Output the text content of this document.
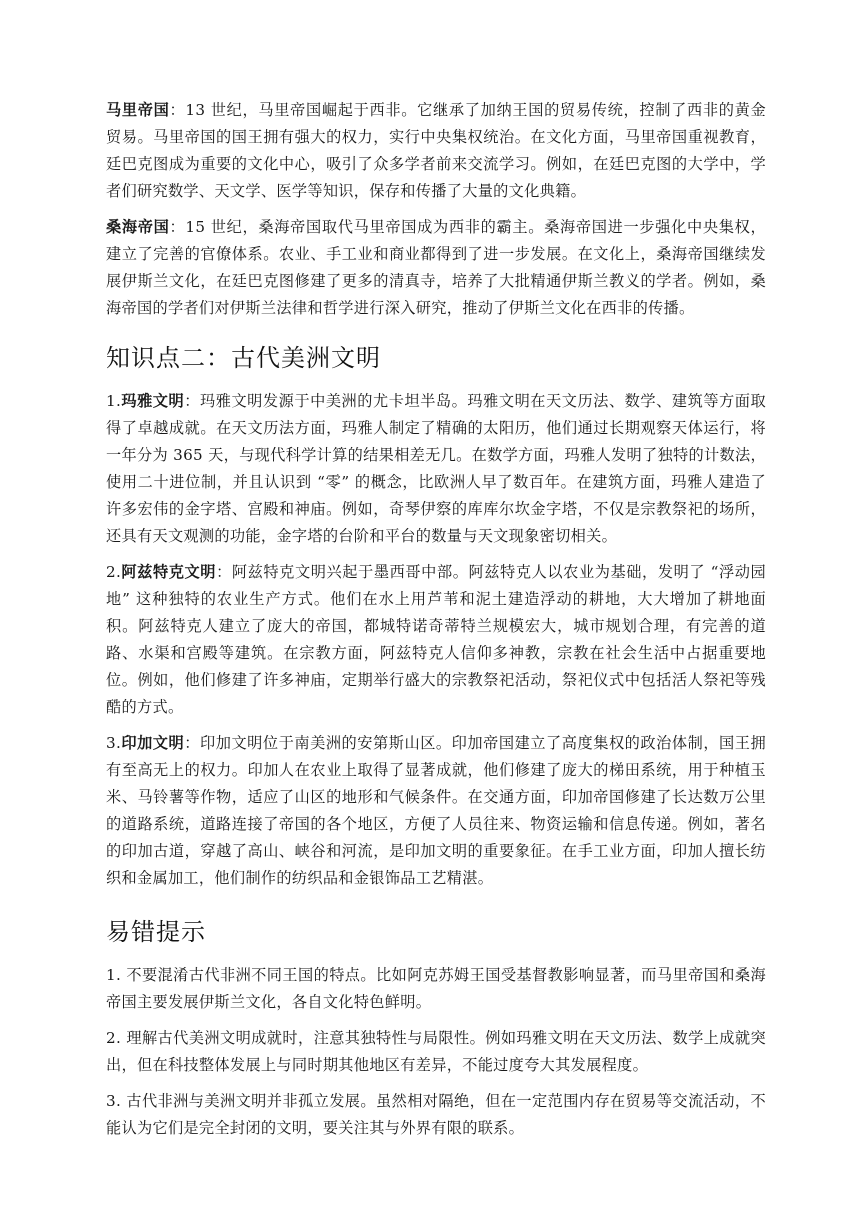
马里帝国：13 世纪，马里帝国崛起于西非。它继承了加纳王国的贸易传统，控制了西非的黄金贸易。马里帝国的国王拥有强大的权力，实行中央集权统治。在文化方面，马里帝国重视教育，廷巴克图成为重要的文化中心，吸引了众多学者前来交流学习。例如，在廷巴克图的大学中，学者们研究数学、天文学、医学等知识，保存和传播了大量的文化典籍。

桑海帝国：15 世纪，桑海帝国取代马里帝国成为西非的霸主。桑海帝国进一步强化中央集权，建立了完善的官僚体系。农业、手工业和商业都得到了进一步发展。在文化上，桑海帝国继续发展伊斯兰文化，在廷巴克图修建了更多的清真寺，培养了大批精通伊斯兰教义的学者。例如，桑海帝国的学者们对伊斯兰法律和哲学进行深入研究，推动了伊斯兰文化在西非的传播。

知识点二：古代美洲文明

1.玛雅文明：玛雅文明发源于中美洲的尤卡坦半岛。玛雅文明在天文历法、数学、建筑等方面取得了卓越成就。在天文历法方面，玛雅人制定了精确的太阳历，他们通过长期观察天体运行，将一年分为 365 天，与现代科学计算的结果相差无几。在数学方面，玛雅人发明了独特的计数法，使用二十进位制，并且认识到 “零” 的概念，比欧洲人早了数百年。在建筑方面，玛雅人建造了许多宏伟的金字塔、宫殿和神庙。例如，奇琴伊察的库库尔坎金字塔，不仅是宗教祭祀的场所，还具有天文观测的功能，金字塔的台阶和平台的数量与天文现象密切相关。

2.阿兹特克文明：阿兹特克文明兴起于墨西哥中部。阿兹特克人以农业为基础，发明了 “浮动园地” 这种独特的农业生产方式。他们在水上用芦苇和泥土建造浮动的耕地，大大增加了耕地面积。阿兹特克人建立了庞大的帝国，都城特诺奇蒂特兰规模宏大，城市规划合理，有完善的道路、水渠和宫殿等建筑。在宗教方面，阿兹特克人信仰多神教，宗教在社会生活中占据重要地位。例如，他们修建了许多神庙，定期举行盛大的宗教祭祀活动，祭祀仪式中包括活人祭祀等残酷的方式。

3.印加文明：印加文明位于南美洲的安第斯山区。印加帝国建立了高度集权的政治体制，国王拥有至高无上的权力。印加人在农业上取得了显著成就，他们修建了庞大的梯田系统，用于种植玉米、马铃薯等作物，适应了山区的地形和气候条件。在交通方面，印加帝国修建了长达数万公里的道路系统，道路连接了帝国的各个地区，方便了人员往来、物资运输和信息传递。例如，著名的印加古道，穿越了高山、峡谷和河流，是印加文明的重要象征。在手工业方面，印加人擅长纺织和金属加工，他们制作的纺织品和金银饰品工艺精湛。

易错提示

1. 不要混淆古代非洲不同王国的特点。比如阿克苏姆王国受基督教影响显著，而马里帝国和桑海帝国主要发展伊斯兰文化，各自文化特色鲜明。

2. 理解古代美洲文明成就时，注意其独特性与局限性。例如玛雅文明在天文历法、数学上成就突出，但在科技整体发展上与同时期其他地区有差异，不能过度夸大其发展程度。

3. 古代非洲与美洲文明并非孤立发展。虽然相对隔绝，但在一定范围内存在贸易等交流活动，不能认为它们是完全封闭的文明，要关注其与外界有限的联系。
